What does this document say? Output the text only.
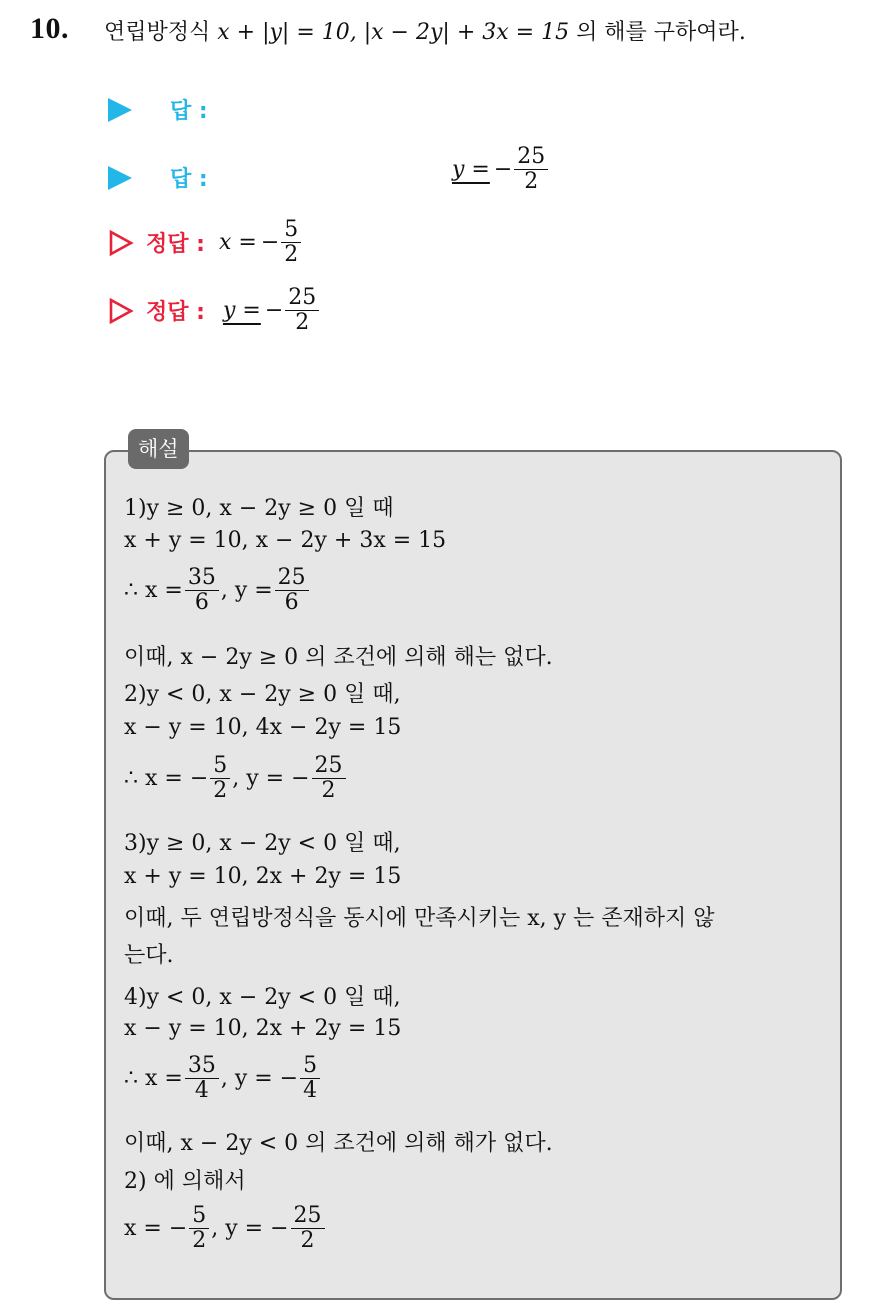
10. 연립방정식 x + |y| = 10, |x − 2y| + 3x = 15 의 해를 구하여라.
답 :
답 :	y = − $\frac{25}{2}$
정답 : x = − $\frac{5}{2}$
정답 : y = − $\frac{25}{2}$
해설
1)y ≥ 0, x − 2y ≥ 0 일 때
x + y = 10, x − 2y + 3x = 15
∴ $x = \frac{35}{6}$ , $y = \frac{25}{6}$
이때, x − 2y ≥ 0 의 조건에 의해 해는 없다.
2)y < 0, x − 2y ≥ 0 일 때,
x − y = 10, 4x − 2y = 15
∴ x = − $\frac{5}{2}$ , y = − $\frac{25}{2}$
3)y ≥ 0, x − 2y < 0 일 때,
x + y = 10, 2x + 2y = 15
이때, 두 연립방정식을 동시에 만족시키는 x, y 는 존재하지 않
는다.
4)y < 0, x − 2y < 0 일 때,
x − y = 10, 2x + 2y = 15
∴ $x = \frac{35}{4}$ , y = − $\frac{5}{4}$
이때, x − 2y < 0 의 조건에 의해 해가 없다.
2) 에 의해서
x = − $\frac{5}{2}$ , y = − $\frac{25}{2}$
